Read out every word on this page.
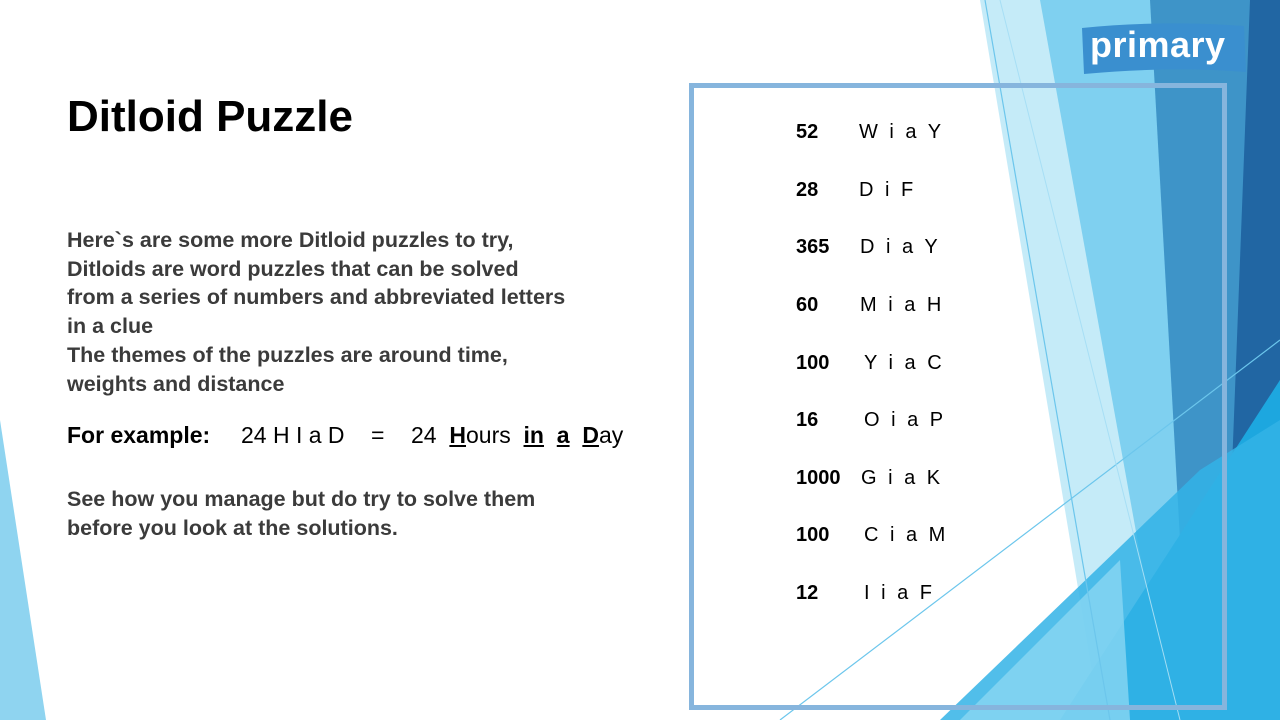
primary
Ditloid Puzzle
Here`s are some more Ditloid puzzles to try,
Ditloids are word puzzles that can be solved
from a series of numbers and abbreviated letters
in a clue
The themes of the puzzles are around time,
weights and distance
For example: 24 H I a D = 24 Hours in a Day
See how you manage but do try to solve them
before you look at the solutions.
52 W i a Y
28 D i F
365 D i a Y
60 M i a H
100 Y i a C
16 O i a P
1000 G i a K
100 C i a M
12 I i a F
